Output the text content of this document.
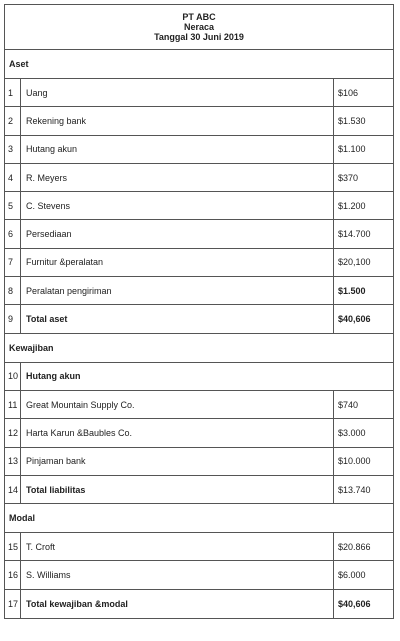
PT ABC
Neraca
Tanggal 30 Juni 2019
Aset
1	Uang	$106
2	Rekening bank	$1.530
3	Hutang akun	$1.100
4	R. Meyers	$370
5	C. Stevens	$1.200
6	Persediaan	$14.700
7	Furnitur &peralatan	$20,100
8	Peralatan pengiriman	$1.500
9	Total aset	$40,606
Kewajiban
10 Hutang akun
11 Great Mountain Supply Co.	$740
12 Harta Karun &Baubles Co.	$3.000
13 Pinjaman bank	$10.000
14 Total liabilitas	$13.740
Modal
15 T. Croft	$20.866
16 S. Williams	$6.000
17 Total kewajiban &modal	$40,606
